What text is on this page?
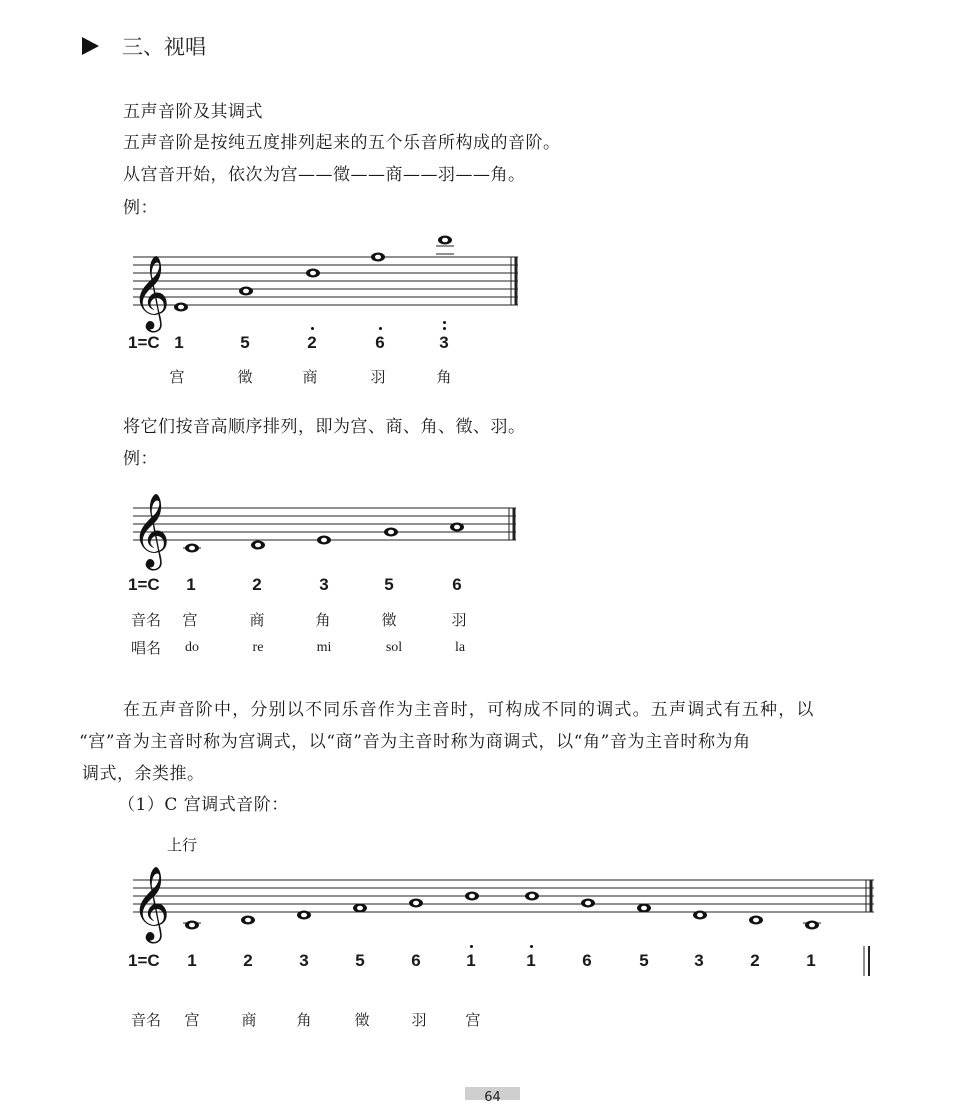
三、视唱
五声音阶及其调式
五声音阶是按纯五度排列起来的五个乐音所构成的音阶。
从宫音开始，依次为宫——徵——商——羽——角。
例：
𝄞
𝄞
𝄞
1=C 1	5	2	6	3
宫	徵	商	羽	角
将它们按音高顺序排列，即为宫、商、角、徵、羽。
例：
1=C 1	2	3	5	6
音名 宫	商	角	徵	羽
唱名 do	re	mi	sol	la
在五声音阶中，分别以不同乐音作为主音时，可构成不同的调式。五声调式有五种，以
“宫”音为主音时称为宫调式，以“商”音为主音时称为商调式，以“角”音为主音时称为角
调式，余类推。
（1）C 宫调式音阶：
上行
1=C 1	2	3	5	6	1	1	6	5	3	2	1
音名 宫	商	角	徵	羽	宫
64
